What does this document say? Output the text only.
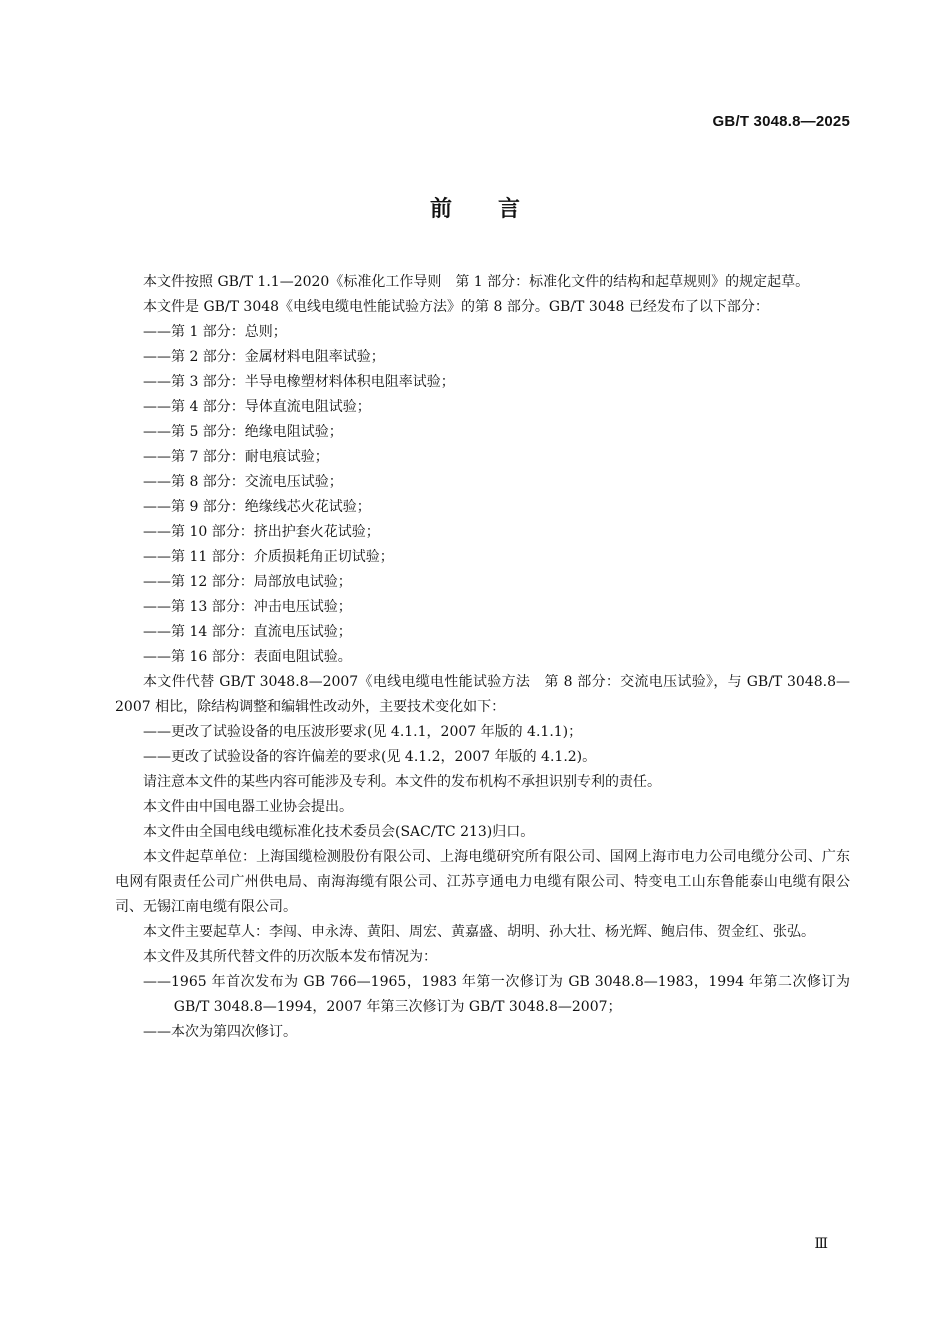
GB/T 3048.8—2025
前言

本文件按照 GB/T 1.1—2020《标准化工作导则　第 1 部分：标准化文件的结构和起草规则》的规定起草。

本文件是 GB/T 3048《电线电缆电性能试验方法》的第 8 部分。GB/T 3048 已经发布了以下部分：

——第 1 部分：总则；

——第 2 部分：金属材料电阻率试验；

——第 3 部分：半导电橡塑材料体积电阻率试验；

——第 4 部分：导体直流电阻试验；

——第 5 部分：绝缘电阻试验；

——第 7 部分：耐电痕试验；

——第 8 部分：交流电压试验；

——第 9 部分：绝缘线芯火花试验；

——第 10 部分：挤出护套火花试验；

——第 11 部分：介质损耗角正切试验；

——第 12 部分：局部放电试验；

——第 13 部分：冲击电压试验；

——第 14 部分：直流电压试验；

——第 16 部分：表面电阻试验。

本文件代替 GB/T 3048.8—2007《电线电缆电性能试验方法　第 8 部分：交流电压试验》，与 GB/T 3048.8—2007 相比，除结构调整和编辑性改动外，主要技术变化如下：

——更改了试验设备的电压波形要求(见 4.1.1，2007 年版的 4.1.1)；

——更改了试验设备的容许偏差的要求(见 4.1.2，2007 年版的 4.1.2)。

请注意本文件的某些内容可能涉及专利。本文件的发布机构不承担识别专利的责任。

本文件由中国电器工业协会提出。

本文件由全国电线电缆标准化技术委员会(SAC/TC 213)归口。

本文件起草单位：上海国缆检测股份有限公司、上海电缆研究所有限公司、国网上海市电力公司电缆分公司、广东电网有限责任公司广州供电局、南海海缆有限公司、江苏亨通电力电缆有限公司、特变电工山东鲁能泰山电缆有限公司、无锡江南电缆有限公司。

本文件主要起草人：李闯、申永涛、黄阳、周宏、黄嘉盛、胡明、孙大壮、杨光辉、鲍启伟、贺金红、张弘。

本文件及其所代替文件的历次版本发布情况为：

——1965 年首次发布为 GB 766—1965，1983 年第一次修订为 GB 3048.8—1983，1994 年第二次修订为 GB/T 3048.8—1994，2007 年第三次修订为 GB/T 3048.8—2007；

——本次为第四次修订。

Ⅲ
